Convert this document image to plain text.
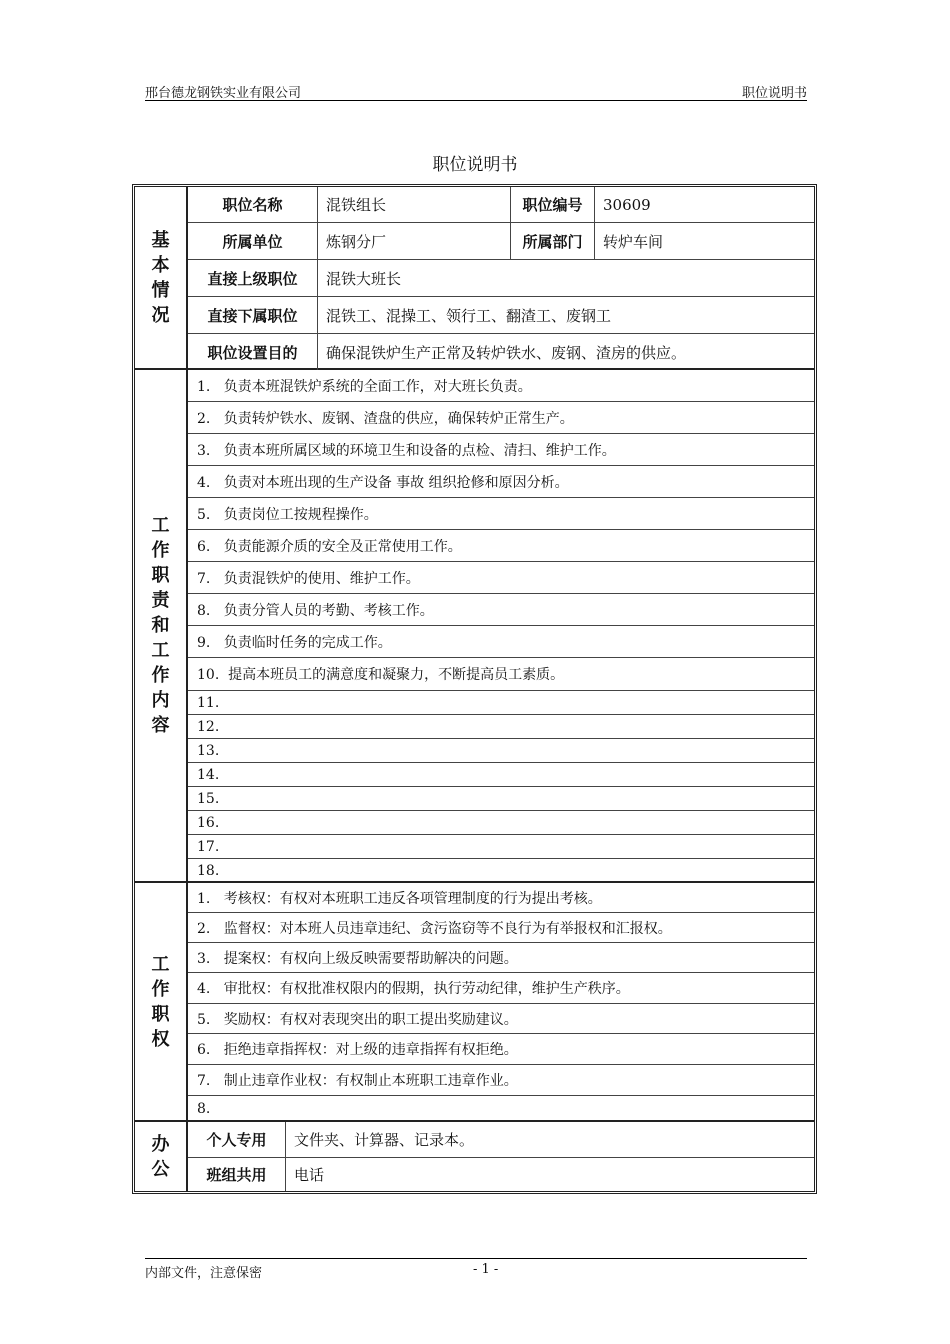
邢台德龙钢铁实业有限公司	职位说明书
职位说明书
基
本
情
况
职位名称	混铁组长	职位编号	30609
所属单位	炼钢分厂	所属部门	转炉车间
直接上级职位	混铁大班长
直接下属职位	混铁工、混操工、领行工、翻渣工、废钢工
职位设置目的	确保混铁炉生产正常及转炉铁水、废钢、渣房的供应。
工
作
职
责
和
工
作
内
容
1.   负责本班混铁炉系统的全面工作，对大班长负责。
2.   负责转炉铁水、废钢、渣盘的供应，确保转炉正常生产。
3.   负责本班所属区域的环境卫生和设备的点检、清扫、维护工作。
4.   负责对本班出现的生产设备 事故 组织抢修和原因分析。
5.   负责岗位工按规程操作。
6.   负责能源介质的安全及正常使用工作。
7.   负责混铁炉的使用、维护工作。
8.   负责分管人员的考勤、考核工作。
9.   负责临时任务的完成工作。
10.  提高本班员工的满意度和凝聚力，不断提高员工素质。
11.
12.
13.
14.
15.
16.
17.
18.
工
作
职
权
1.   考核权：有权对本班职工违反各项管理制度的行为提出考核。
2.   监督权：对本班人员违章违纪、贪污盗窃等不良行为有举报权和汇报权。
3.   提案权：有权向上级反映需要帮助解决的问题。
4.   审批权：有权批准权限内的假期，执行劳动纪律，维护生产秩序。
5.   奖励权：有权对表现突出的职工提出奖励建议。
6.   拒绝违章指挥权：对上级的违章指挥有权拒绝。
7.   制止违章作业权：有权制止本班职工违章作业。
8.
办
公
个人专用	文件夹、计算器、记录本。
班组共用	电话
内部文件，注意保密	- 1 -
